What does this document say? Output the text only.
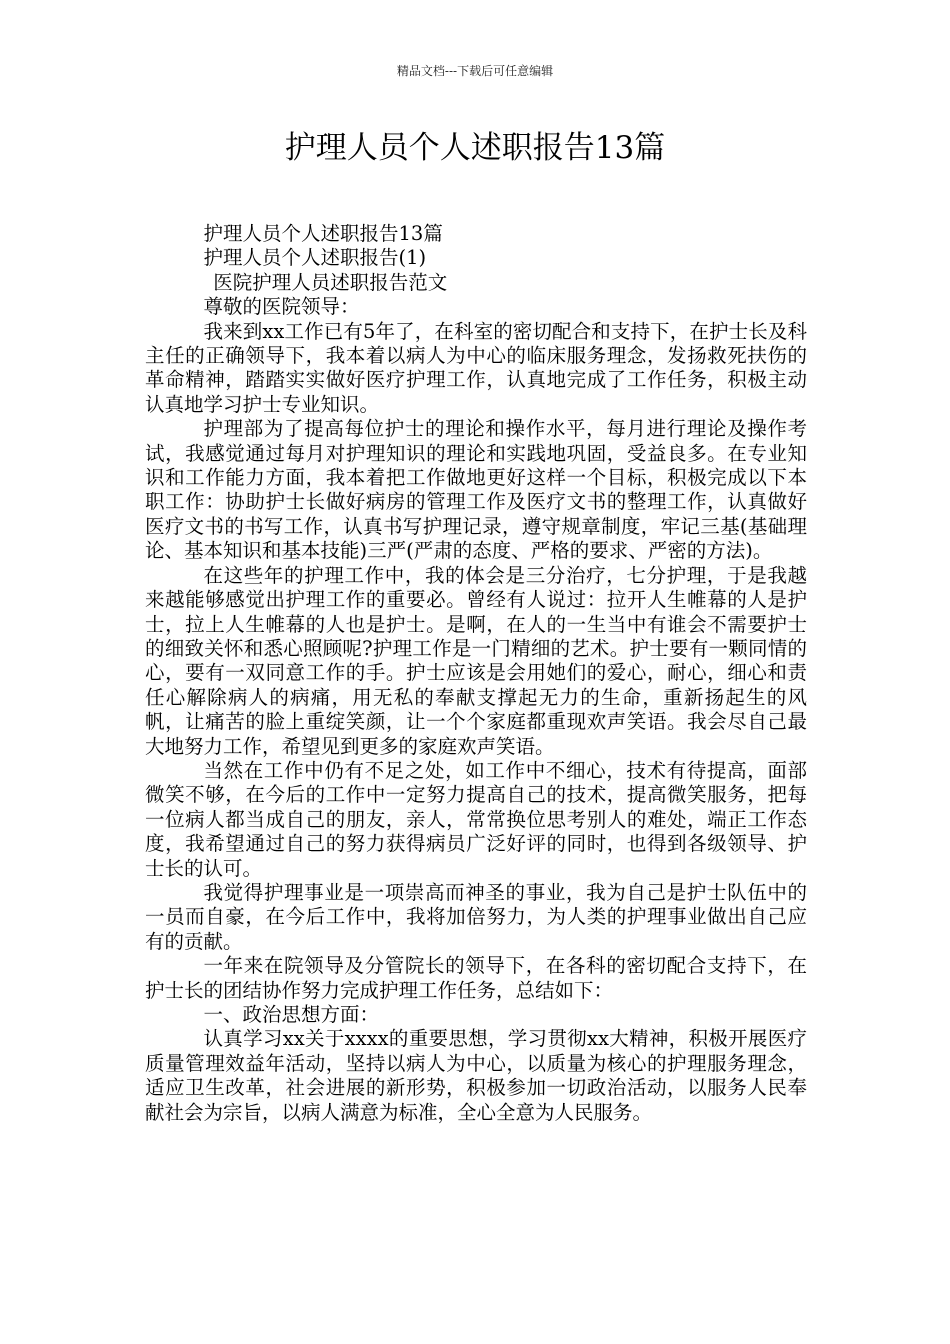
精品文档---下载后可任意编辑
护理人员个人述职报告13篇

护理人员个人述职报告13篇

护理人员个人述职报告(1)

医院护理人员述职报告范文

尊敬的医院领导：

我来到xx工作已有5年了，在科室的密切配合和支持下，在护士长及科主任的正确领导下，我本着以病人为中心的临床服务理念，发扬救死扶伤的革命精神，踏踏实实做好医疗护理工作，认真地完成了工作任务，积极主动认真地学习护士专业知识。

护理部为了提高每位护士的理论和操作水平，每月进行理论及操作考试，我感觉通过每月对护理知识的理论和实践地巩固，受益良多。在专业知识和工作能力方面，我本着把工作做地更好这样一个目标，积极完成以下本职工作：协助护士长做好病房的管理工作及医疗文书的整理工作，认真做好医疗文书的书写工作，认真书写护理记录，遵守规章制度，牢记三基(基础理论、基本知识和基本技能)三严(严肃的态度、严格的要求、严密的方法)。

在这些年的护理工作中，我的体会是三分治疗，七分护理，于是我越来越能够感觉出护理工作的重要必。曾经有人说过：拉开人生帷幕的人是护士，拉上人生帷幕的人也是护士。是啊，在人的一生当中有谁会不需要护士的细致关怀和悉心照顾呢?护理工作是一门精细的艺术。护士要有一颗同情的心，要有一双同意工作的手。护士应该是会用她们的爱心，耐心，细心和责任心解除病人的病痛，用无私的奉献支撑起无力的生命，重新扬起生的风帆，让痛苦的脸上重绽笑颜，让一个个家庭都重现欢声笑语。我会尽自己最大地努力工作，希望见到更多的家庭欢声笑语。

当然在工作中仍有不足之处，如工作中不细心，技术有待提高，面部微笑不够，在今后的工作中一定努力提高自己的技术，提高微笑服务，把每一位病人都当成自己的朋友，亲人，常常换位思考别人的难处，端正工作态度，我希望通过自己的努力获得病员广泛好评的同时，也得到各级领导、护士长的认可。

我觉得护理事业是一项崇高而神圣的事业，我为自己是护士队伍中的一员而自豪，在今后工作中，我将加倍努力，为人类的护理事业做出自己应有的贡献。

一年来在院领导及分管院长的领导下，在各科的密切配合支持下，在护士长的团结协作努力完成护理工作任务，总结如下：

一、政治思想方面：

认真学习xx关于xxxx的重要思想，学习贯彻xx大精神，积极开展医疗质量管理效益年活动，坚持以病人为中心，以质量为核心的护理服务理念，适应卫生改革，社会进展的新形势，积极参加一切政治活动，以服务人民奉献社会为宗旨，以病人满意为标准，全心全意为人民服务。
